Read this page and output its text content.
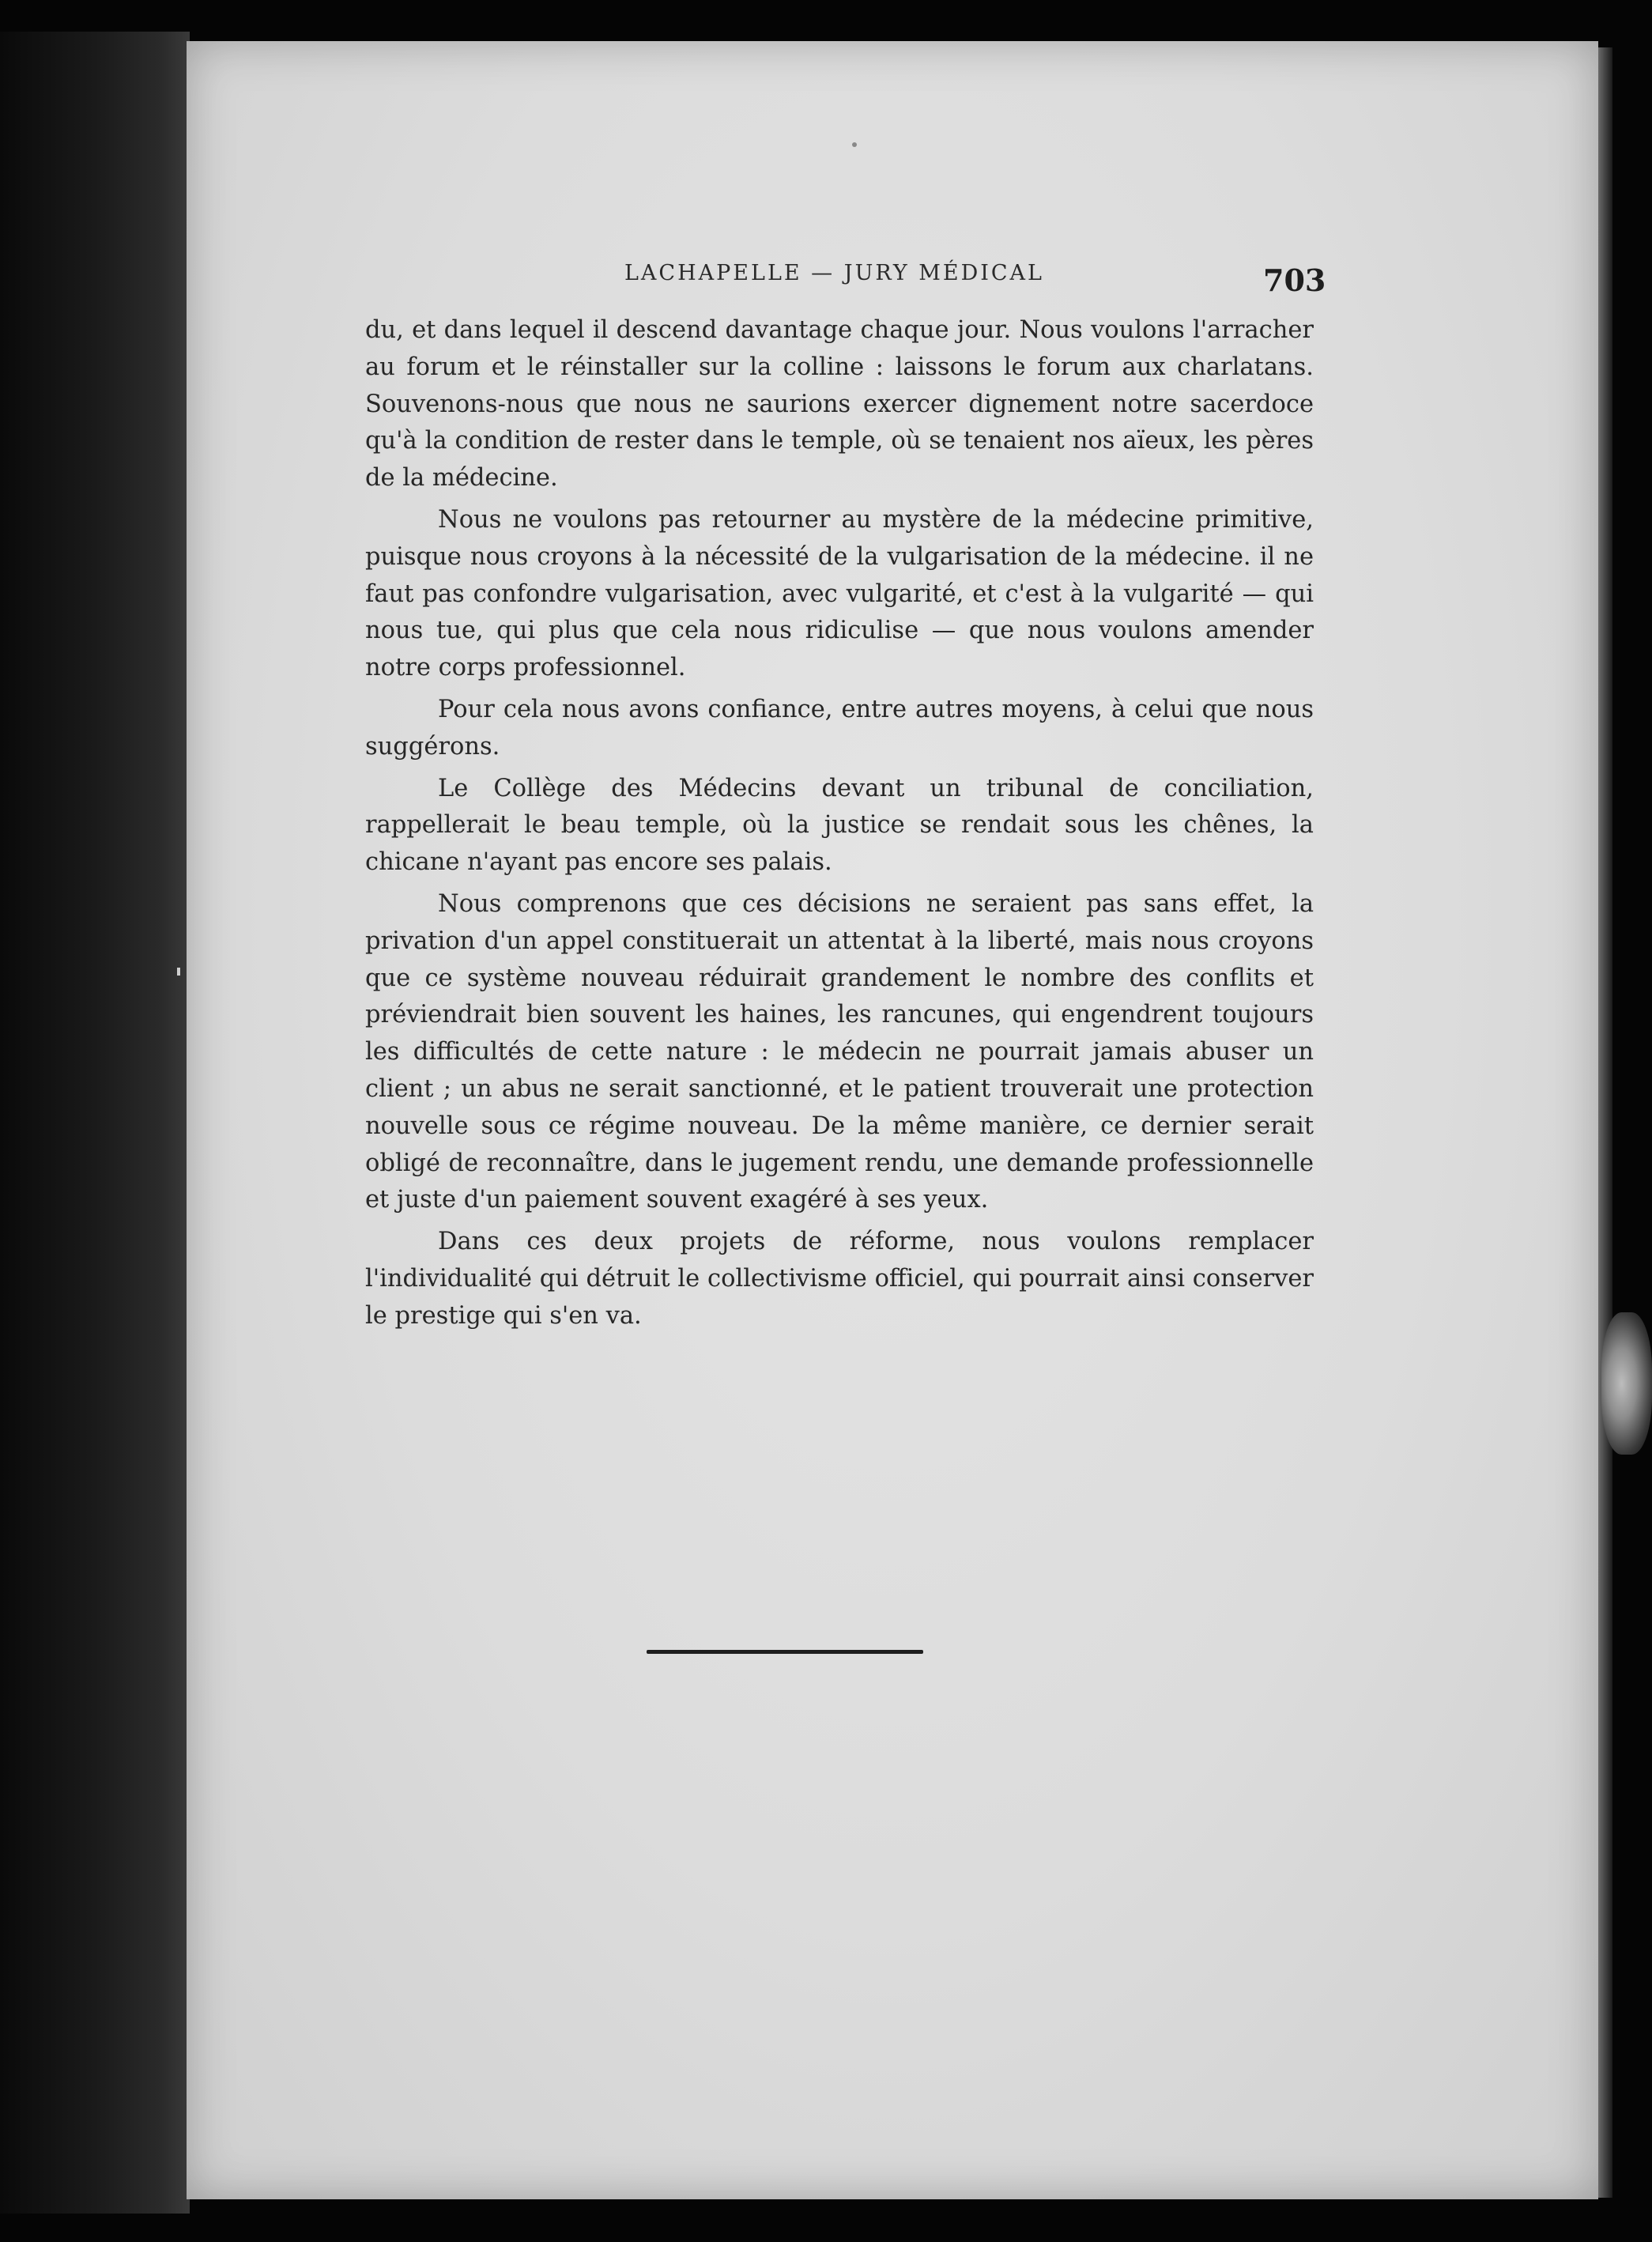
LACHAPELLE — JURY MÉDICAL	703

du, et dans lequel il descend davantage chaque jour. Nous voulons l'arracher au forum et le réinstaller sur la colline : laissons le forum aux charlatans. Souvenons-nous que nous ne saurions exercer dignement notre sacerdoce qu'à la condition de rester dans le temple, où se tenaient nos aïeux, les pères de la médecine.

Nous ne voulons pas retourner au mystère de la médecine primitive, puisque nous croyons à la nécessité de la vulgarisation de la médecine. il ne faut pas confondre vulgarisation, avec vulgarité, et c'est à la vulgarité — qui nous tue, qui plus que cela nous ridiculise — que nous voulons amender notre corps professionnel.

Pour cela nous avons confiance, entre autres moyens, à celui que nous suggérons.

Le Collège des Médecins devant un tribunal de conciliation, rappellerait le beau temple, où la justice se rendait sous les chênes, la chicane n'ayant pas encore ses palais.

Nous comprenons que ces décisions ne seraient pas sans effet, la privation d'un appel constituerait un attentat à la liberté, mais nous croyons que ce système nouveau réduirait grandement le nombre des conflits et préviendrait bien souvent les haines, les rancunes, qui engendrent toujours les difficultés de cette nature : le médecin ne pourrait jamais abuser un client ; un abus ne serait sanctionné, et le patient trouverait une protection nouvelle sous ce régime nouveau. De la même manière, ce dernier serait obligé de reconnaître, dans le jugement rendu, une demande professionnelle et juste d'un paiement souvent exagéré à ses yeux.

Dans ces deux projets de réforme, nous voulons remplacer l'individualité qui détruit le collectivisme officiel, qui pourrait ainsi conserver le prestige qui s'en va.
